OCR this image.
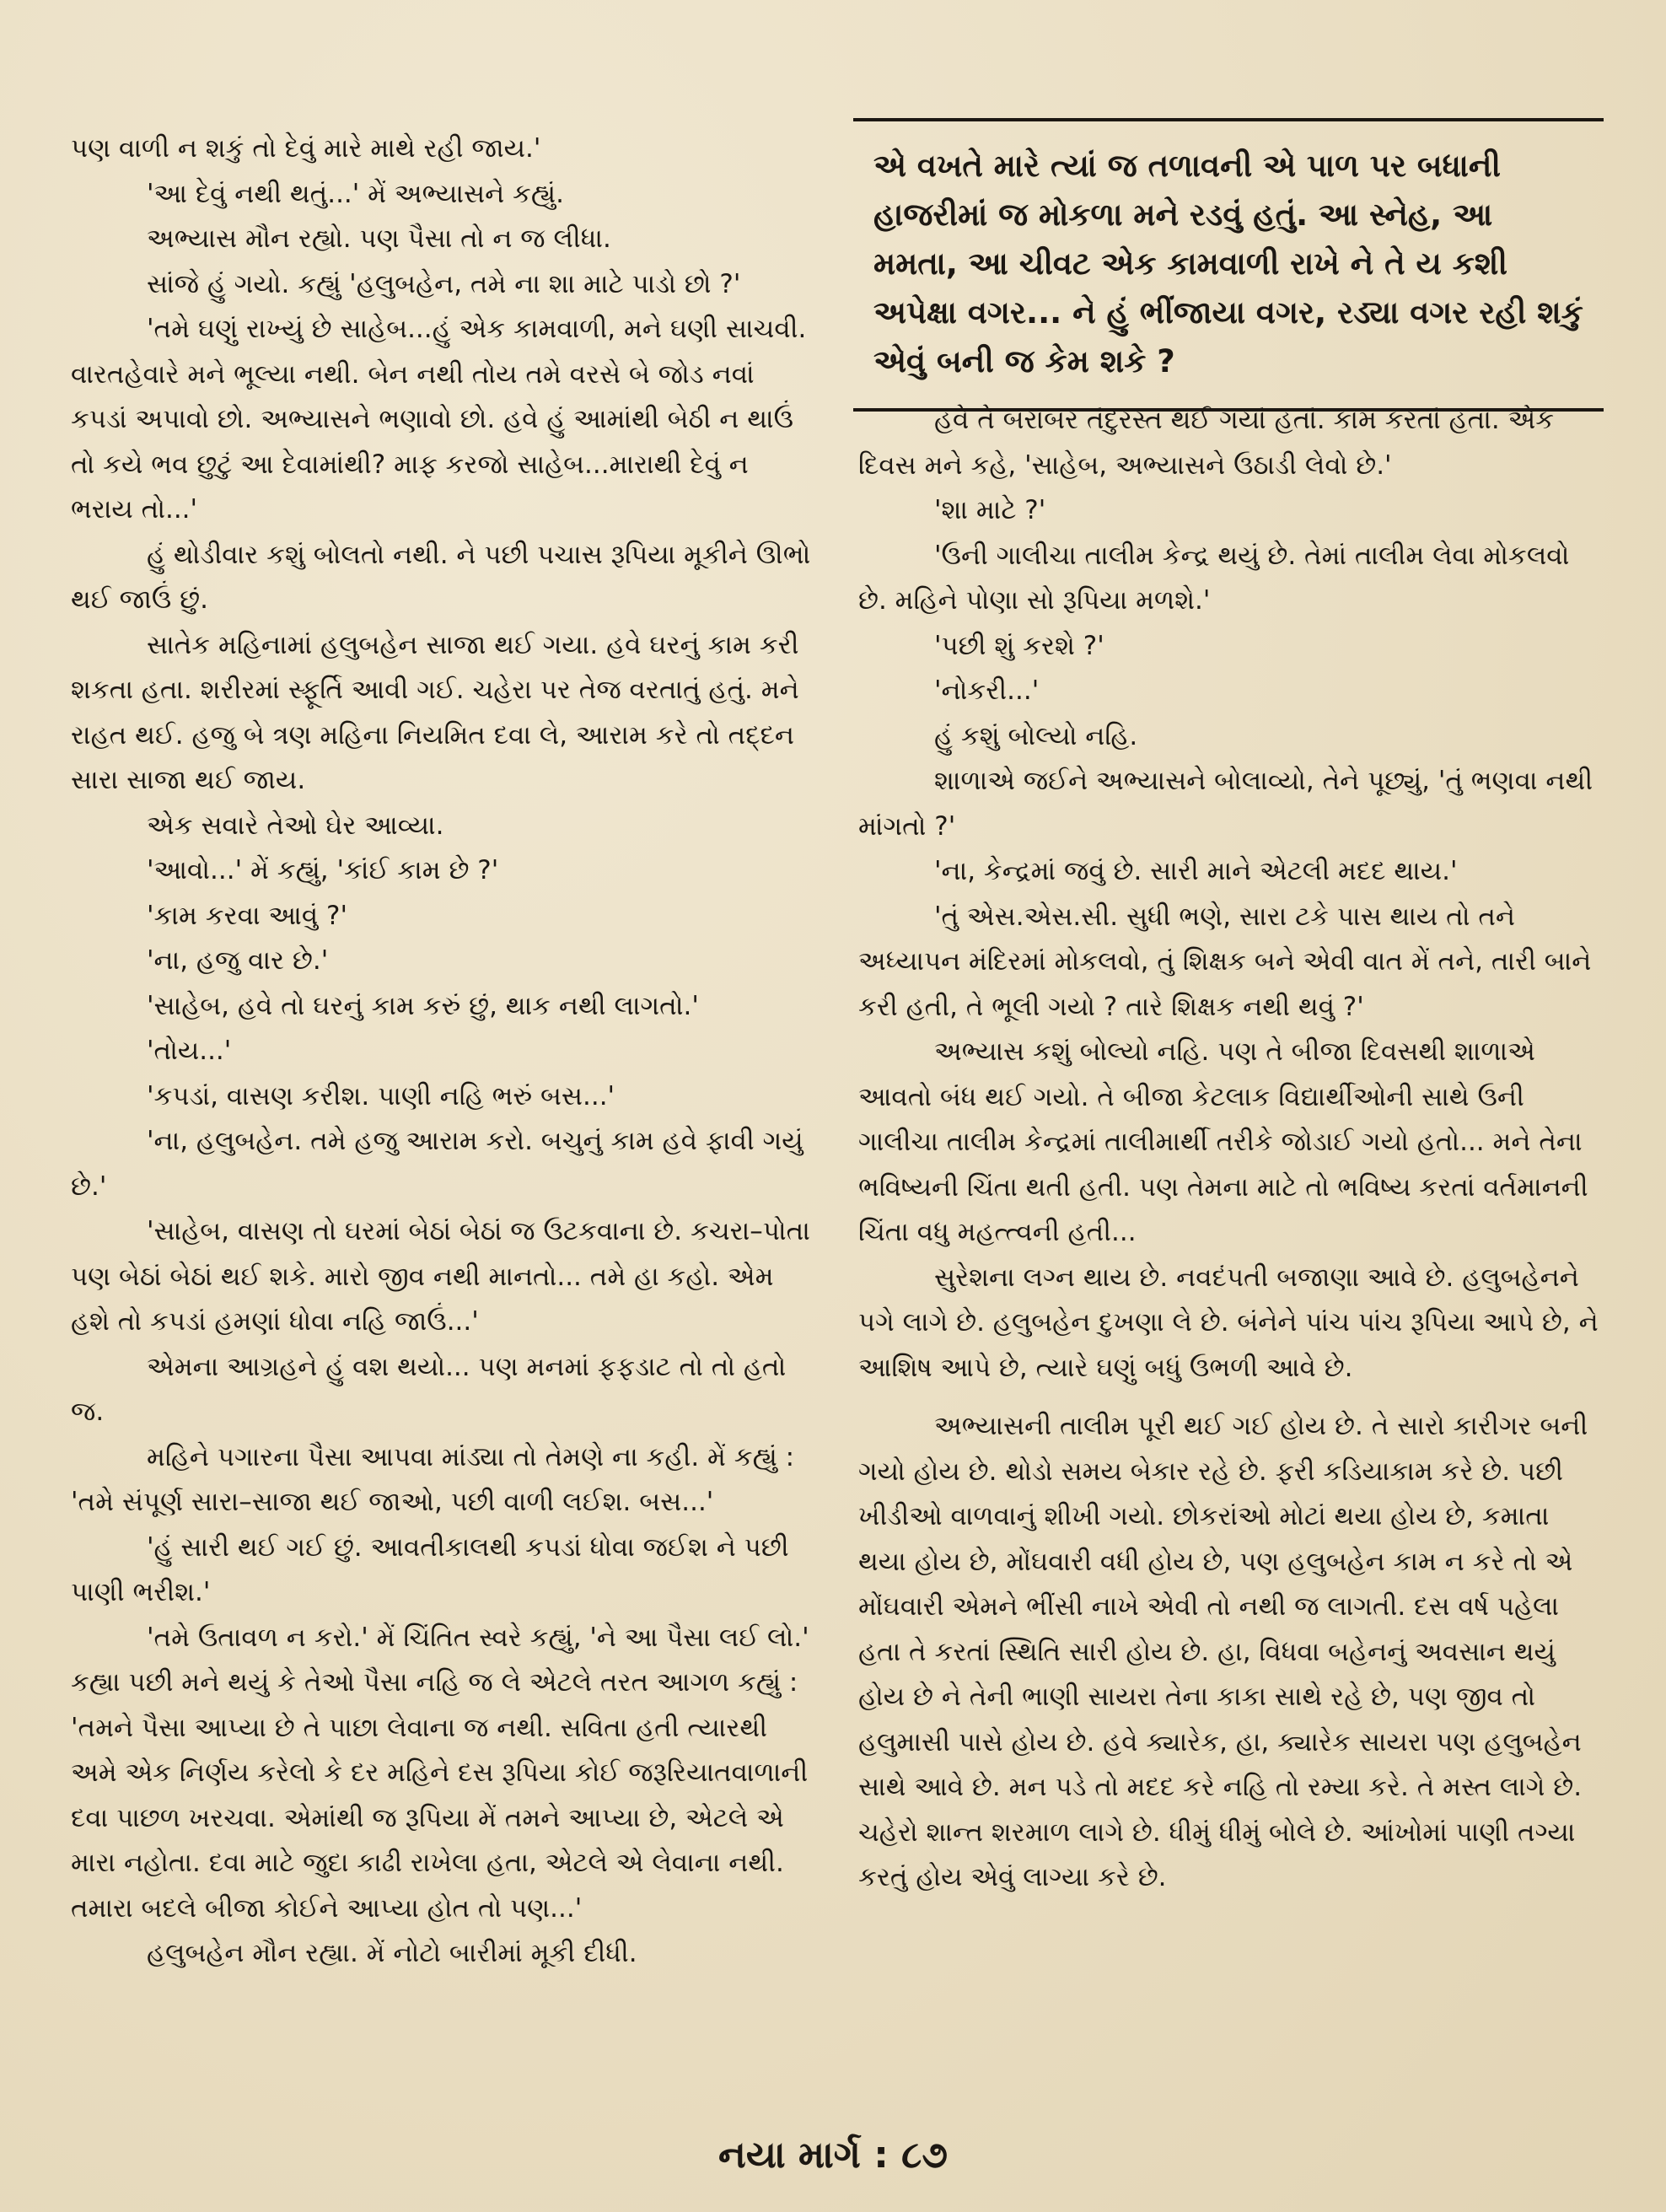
પણ વાળી ન શકું તો દેવું મારે માથે રહી જાય.'

'આ દેવું નથી થતું...' મેં અભ્યાસને કહ્યું.

અભ્યાસ મૌન રહ્યો. પણ પૈસા તો ન જ લીધા.

સાંજે હું ગયો. કહ્યું 'હલુબહેન, તમે ના શા માટે પાડો છો ?'

'તમે ઘણું રાખ્યું છે સાહેબ...હું એક કામવાળી, મને ઘણી સાચવી. વારતહેવારે મને ભૂલ્યા નથી. બેન નથી તોય તમે વરસે બે જોડ નવાં કપડાં અપાવો છો. અભ્યાસને ભણાવો છો. હવે હું આમાંથી બેઠી ન થાઉં તો કયે ભવ છુટું આ દેવામાંથી? માફ કરજો સાહેબ...મારાથી દેવું ન ભરાય તો...'

હું થોડીવાર કશું બોલતો નથી. ને પછી પચાસ રૂપિયા મૂકીને ઊભો થઈ જાઉં છું.

સાતેક મહિનામાં હલુબહેન સાજા થઈ ગયા. હવે ઘરનું કામ કરી શકતા હતા. શરીરમાં સ્ફૂર્તિ આવી ગઈ. ચહેરા પર તેજ વરતાતું હતું. મને રાહત થઈ. હજુ બે ત્રણ મહિના નિયમિત દવા લે, આરામ કરે તો તદ્દન સારા સાજા થઈ જાય.

એક સવારે તેઓ ઘેર આવ્યા.

'આવો...' મેં કહ્યું, 'કાંઈ કામ છે ?'

'કામ કરવા આવું ?'

'ના, હજુ વાર છે.'

'સાહેબ, હવે તો ઘરનું કામ કરું છું, થાક નથી લાગતો.'

'તોય...'

'કપડાં, વાસણ કરીશ. પાણી નહિ ભરું બસ...'

'ના, હલુબહેન. તમે હજુ આરામ કરો. બચુનું કામ હવે ફાવી ગયું છે.'

'સાહેબ, વાસણ તો ઘરમાં બેઠાં બેઠાં જ ઉટકવાના છે. કચરા–પોતા પણ બેઠાં બેઠાં થઈ શકે. મારો જીવ નથી માનતો... તમે હા કહો. એમ હશે તો કપડાં હમણાં ધોવા નહિ જાઉં...'

એમના આગ્રહને હું વશ થયો... પણ મનમાં ફફડાટ તો તો હતો જ.

મહિને પગારના પૈસા આપવા માંડ્યા તો તેમણે ના કહી. મેં કહ્યું : 'તમે સંપૂર્ણ સારા–સાજા થઈ જાઓ, પછી વાળી લઈશ. બસ...'

'હું સારી થઈ ગઈ છું. આવતીકાલથી કપડાં ધોવા જઈશ ને પછી પાણી ભરીશ.'

'તમે ઉતાવળ ન કરો.' મેં ચિંતિત સ્વરે કહ્યું, 'ને આ પૈસા લઈ લો.' કહ્યા પછી મને થયું કે તેઓ પૈસા નહિ જ લે એટલે તરત આગળ કહ્યું : 'તમને પૈસા આપ્યા છે તે પાછા લેવાના જ નથી. સવિતા હતી ત્યારથી અમે એક નિર્ણય કરેલો કે દર મહિને દસ રૂપિયા કોઈ જરૂરિયાતવાળાની દવા પાછળ ખરચવા. એમાંથી જ રૂપિયા મેં તમને આપ્યા છે, એટલે એ મારા નહોતા. દવા માટે જુદા કાઢી રાખેલા હતા, એટલે એ લેવાના નથી. તમારા બદલે બીજા કોઈને આપ્યા હોત તો પણ...'

હલુબહેન મૌન રહ્યા. મેં નોટો બારીમાં મૂકી દીધી.

એ વખતે મારે ત્યાં જ તળાવની એ પાળ પર બધાની હાજરીમાં જ મોકળા મને રડવું હતું. આ સ્નેહ, આ મમતા, આ ચીવટ એક કામવાળી રાખે ને તે ય કશી અપેક્ષા વગર... ને હું ભીંજાયા વગર, રડ્યા વગર રહી શકું એવું બની જ કેમ શકે ?

હવે તે બરાબર તંદુરસ્ત થઈ ગયાં હતાં. કામ કરતાં હતા. એક દિવસ મને કહે, 'સાહેબ, અભ્યાસને ઉઠાડી લેવો છે.'

'શા માટે ?'

'ઉની ગાલીચા તાલીમ કેન્દ્ર થયું છે. તેમાં તાલીમ લેવા મોકલવો છે. મહિને પોણા સો રૂપિયા મળશે.'

'પછી શું કરશે ?'

'નોકરી...'

હું કશું બોલ્યો નહિ.

શાળાએ જઈને અભ્યાસને બોલાવ્યો, તેને પૂછ્યું, 'તું ભણવા નથી માંગતો ?'

'ના, કેન્દ્રમાં જવું છે. સારી માને એટલી મદદ થાય.'

'તું એસ.એસ.સી. સુધી ભણે, સારા ટકે પાસ થાય તો તને અધ્યાપન મંદિરમાં મોકલવો, તું શિક્ષક બને એવી વાત મેં તને, તારી બાને કરી હતી, તે ભૂલી ગયો ? તારે શિક્ષક નથી થવું ?'

અભ્યાસ કશું બોલ્યો નહિ. પણ તે બીજા દિવસથી શાળાએ આવતો બંધ થઈ ગયો. તે બીજા કેટલાક વિદ્યાર્થીઓની સાથે ઉની ગાલીચા તાલીમ કેન્દ્રમાં તાલીમાર્થી તરીકે જોડાઈ ગયો હતો... મને તેના ભવિષ્યની ચિંતા થતી હતી. પણ તેમના માટે તો ભવિષ્ય કરતાં વર્તમાનની ચિંતા વધુ મહત્ત્વની હતી...

સુરેશના લગ્ન થાય છે. નવદંપતી બજાણા આવે છે. હલુબહેનને પગે લાગે છે. હલુબહેન દુખણા લે છે. બંનેને પાંચ પાંચ રૂપિયા આપે છે, ને આશિષ આપે છે, ત્યારે ઘણું બધું ઉભળી આવે છે.

અભ્યાસની તાલીમ પૂરી થઈ ગઈ હોય છે. તે સારો કારીગર બની ગયો હોય છે. થોડો સમય બેકાર રહે છે. ફરી કડિયાકામ કરે છે. પછી ખીડીઓ વાળવાનું શીખી ગયો. છોકરાંઓ મોટાં થયા હોય છે, કમાતા થયા હોય છે, મોંઘવારી વધી હોય છે, પણ હલુબહેન કામ ન કરે તો એ મોંઘવારી એમને ભીંસી નાખે એવી તો નથી જ લાગતી. દસ વર્ષ પહેલા હતા તે કરતાં સ્થિતિ સારી હોય છે. હા, વિધવા બહેનનું અવસાન થયું હોય છે ને તેની ભાણી સાયરા તેના કાકા સાથે રહે છે, પણ જીવ તો હલુમાસી પાસે હોય છે. હવે ક્યારેક, હા, ક્યારેક સાયરા પણ હલુબહેન સાથે આવે છે. મન પડે તો મદદ કરે નહિ તો રમ્યા કરે. તે મસ્ત લાગે છે. ચહેરો શાન્ત શરમાળ લાગે છે. ધીમું ધીમું બોલે છે. આંખોમાં પાણી તગ્યા કરતું હોય એવું લાગ્યા કરે છે.

નયા માર્ગ : ૮૭
